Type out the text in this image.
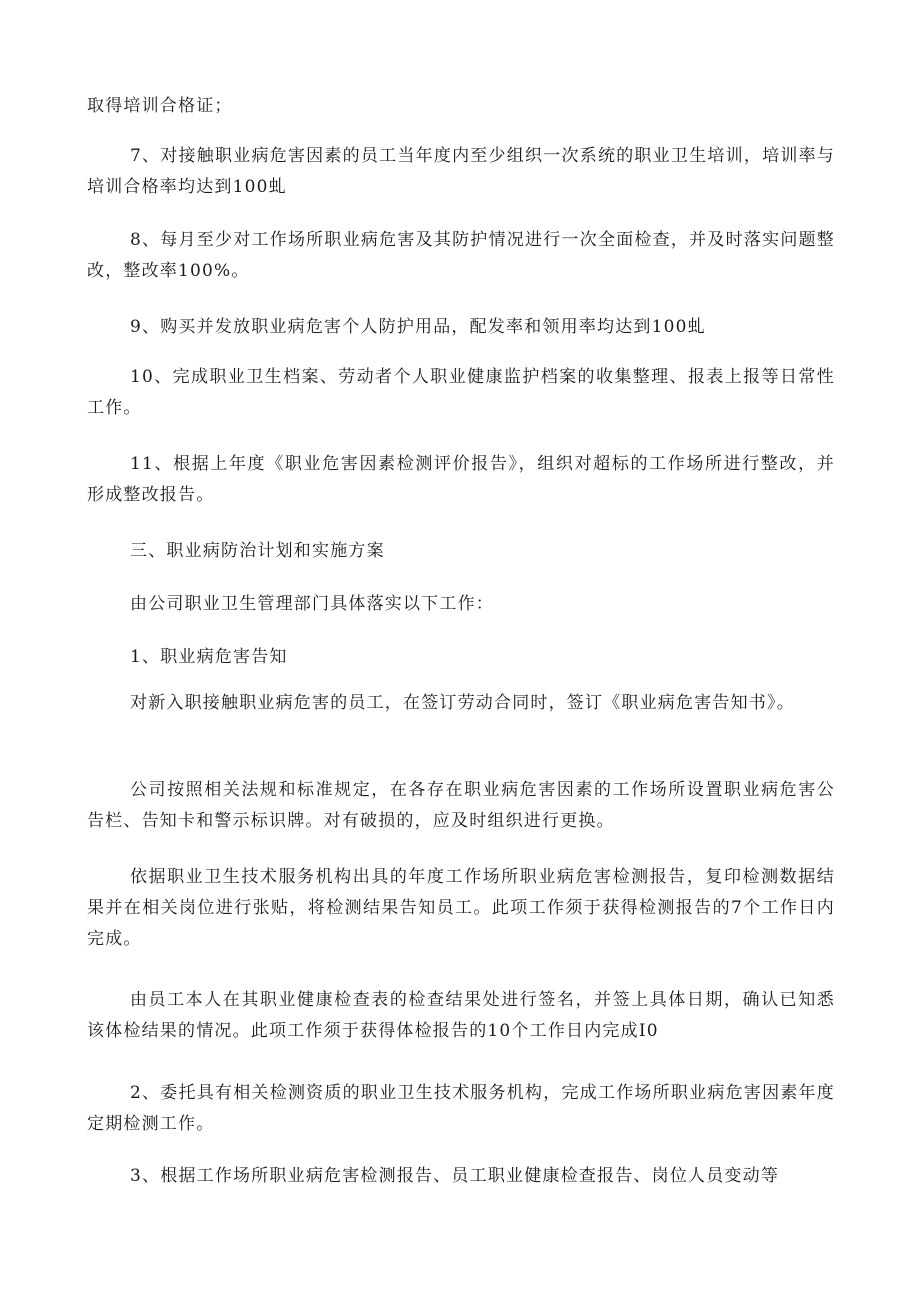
取得培训合格证；

7、对接触职业病危害因素的员工当年度内至少组织一次系统的职业卫生培训，培训率与培训合格率均达到100虬

8、每月至少对工作场所职业病危害及其防护情况进行一次全面检查，并及时落实问题整改，整改率100%。

9、购买并发放职业病危害个人防护用品，配发率和领用率均达到100虬

10、完成职业卫生档案、劳动者个人职业健康监护档案的收集整理、报表上报等日常性工作。

11、根据上年度《职业危害因素检测评价报告》，组织对超标的工作场所进行整改，并形成整改报告。

三、职业病防治计划和实施方案

由公司职业卫生管理部门具体落实以下工作：

1、职业病危害告知

对新入职接触职业病危害的员工，在签订劳动合同时，签订《职业病危害告知书》。

公司按照相关法规和标准规定，在各存在职业病危害因素的工作场所设置职业病危害公告栏、告知卡和警示标识牌。对有破损的，应及时组织进行更换。

依据职业卫生技术服务机构出具的年度工作场所职业病危害检测报告，复印检测数据结果并在相关岗位进行张贴，将检测结果告知员工。此项工作须于获得检测报告的7个工作日内完成。

由员工本人在其职业健康检查表的检查结果处进行签名，并签上具体日期，确认已知悉该体检结果的情况。此项工作须于获得体检报告的10个工作日内完成I0

2、委托具有相关检测资质的职业卫生技术服务机构，完成工作场所职业病危害因素年度定期检测工作。

3、根据工作场所职业病危害检测报告、员工职业健康检查报告、岗位人员变动等
